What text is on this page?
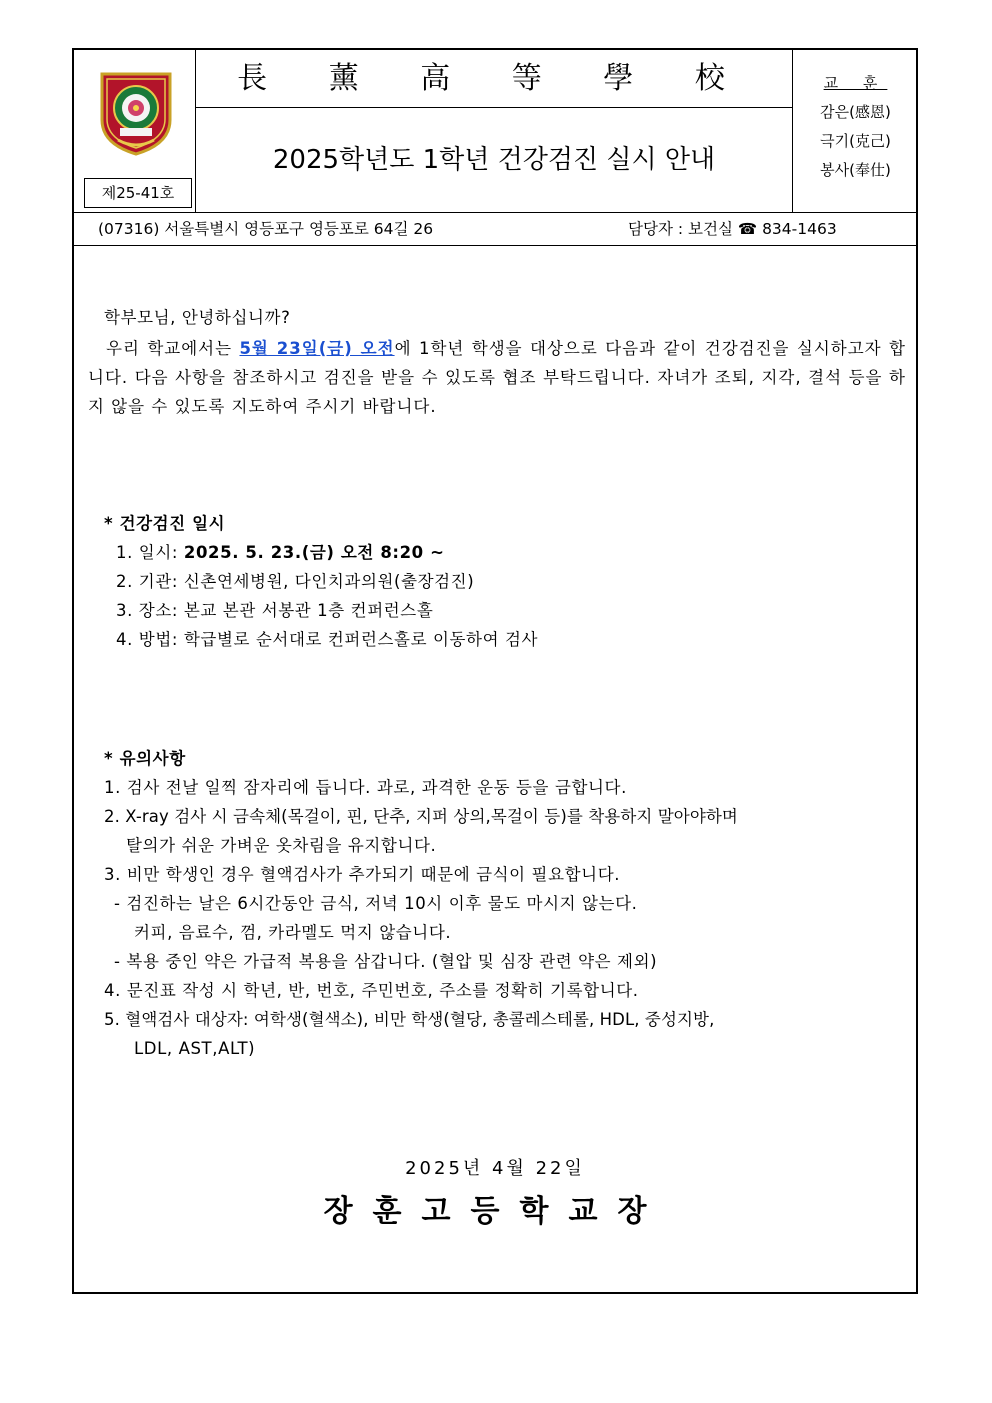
제25-41호
長 薰 高 等 學 校
2025학년도 1학년 건강검진 실시 안내
교 훈
감은(感恩)
극기(克己)
봉사(奉仕)
(07316) 서울특별시 영등포구 영등포로 64길 26	담당자 : 보건실 ☎ 834-1463
학부모님, 안녕하십니까?
우리 학교에서는 5월 23일(금) 오전에 1학년 학생을 대상으로 다음과 같이 건강검진을 실시하고자 합니다. 다음 사항을 참조하시고 검진을 받을 수 있도록 협조 부탁드립니다. 자녀가 조퇴, 지각, 결석 등을 하지 않을 수 있도록 지도하여 주시기 바랍니다.
* 건강검진 일시
1. 일시: 2025. 5. 23.(금) 오전 8:20 ~
2. 기관: 신촌연세병원, 다인치과의원(출장검진)
3. 장소: 본교 본관 서봉관 1층 컨퍼런스홀
4. 방법: 학급별로 순서대로 컨퍼런스홀로 이동하여 검사
* 유의사항
1. 검사 전날 일찍 잠자리에 듭니다. 과로, 과격한 운동 등을 금합니다.
2. X-ray 검사 시 금속체(목걸이, 핀, 단추, 지퍼 상의,목걸이 등)를 착용하지 말아야하며
탈의가 쉬운 가벼운 옷차림을 유지합니다.
3. 비만 학생인 경우 혈액검사가 추가되기 때문에 금식이 필요합니다.
- 검진하는 날은 6시간동안 금식, 저녁 10시 이후 물도 마시지 않는다.
커피, 음료수, 껌, 카라멜도 먹지 않습니다.
- 복용 중인 약은 가급적 복용을 삼갑니다. (혈압 및 심장 관련 약은 제외)
4. 문진표 작성 시 학년, 반, 번호, 주민번호, 주소를 정확히 기록합니다.
5. 혈액검사 대상자: 여학생(혈색소), 비만 학생(혈당, 총콜레스테롤, HDL, 중성지방,
LDL, AST,ALT)
2025년 4월 22일
장훈고등학교장
